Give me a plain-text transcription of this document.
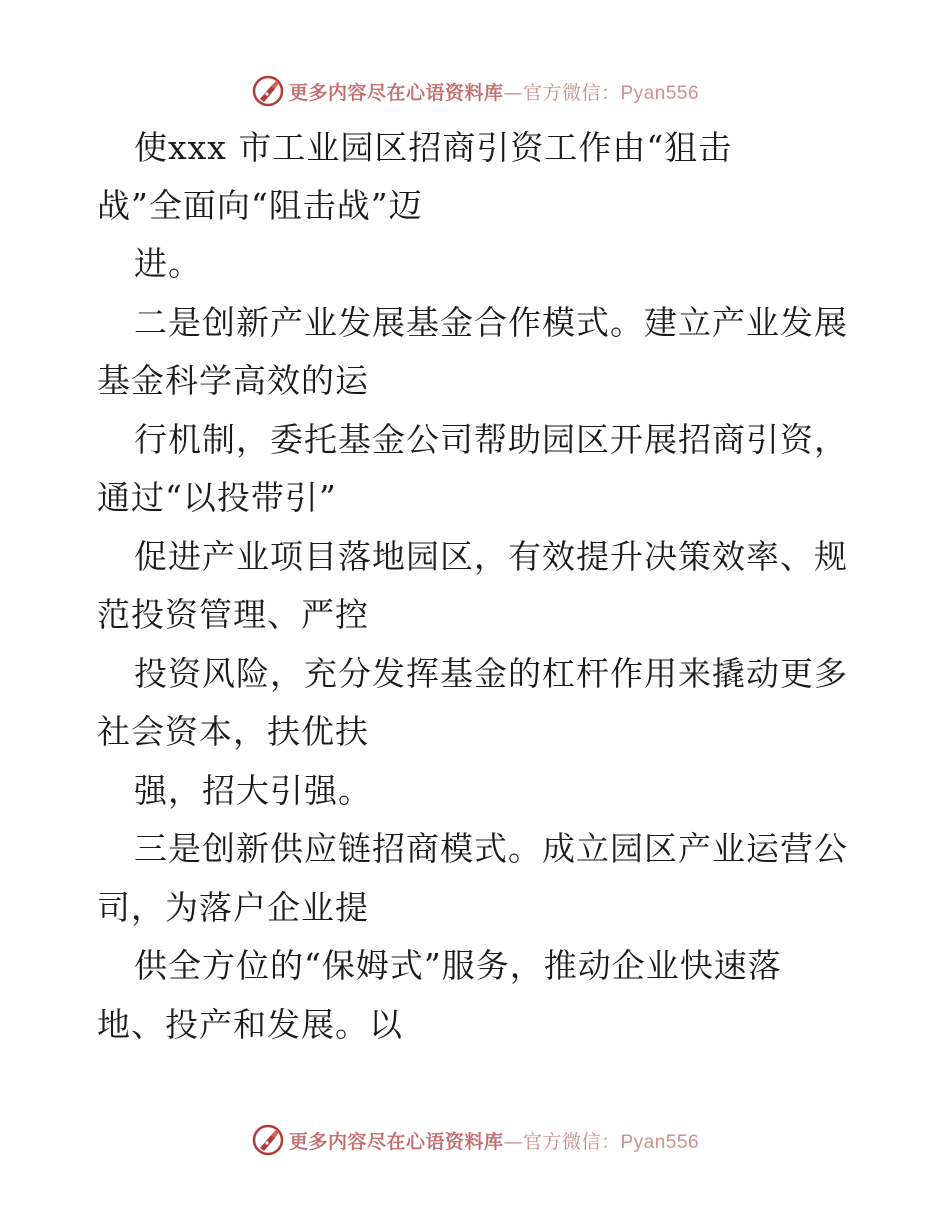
更多内容尽在心语资料库—官方微信：Pyan556
使xxx 市工业园区招商引资工作由“狙击
战”全面向“阻击战”迈
进。
二是创新产业发展基金合作模式。建立产业发展
基金科学高效的运
行机制，委托基金公司帮助园区开展招商引资，
通过“以投带引”
促进产业项目落地园区，有效提升决策效率、规
范投资管理、严控
投资风险，充分发挥基金的杠杆作用来撬动更多
社会资本，扶优扶
强，招大引强。
三是创新供应链招商模式。成立园区产业运营公
司，为落户企业提
供全方位的“保姆式”服务，推动企业快速落
地、投产和发展。以
更多内容尽在心语资料库—官方微信：Pyan556
